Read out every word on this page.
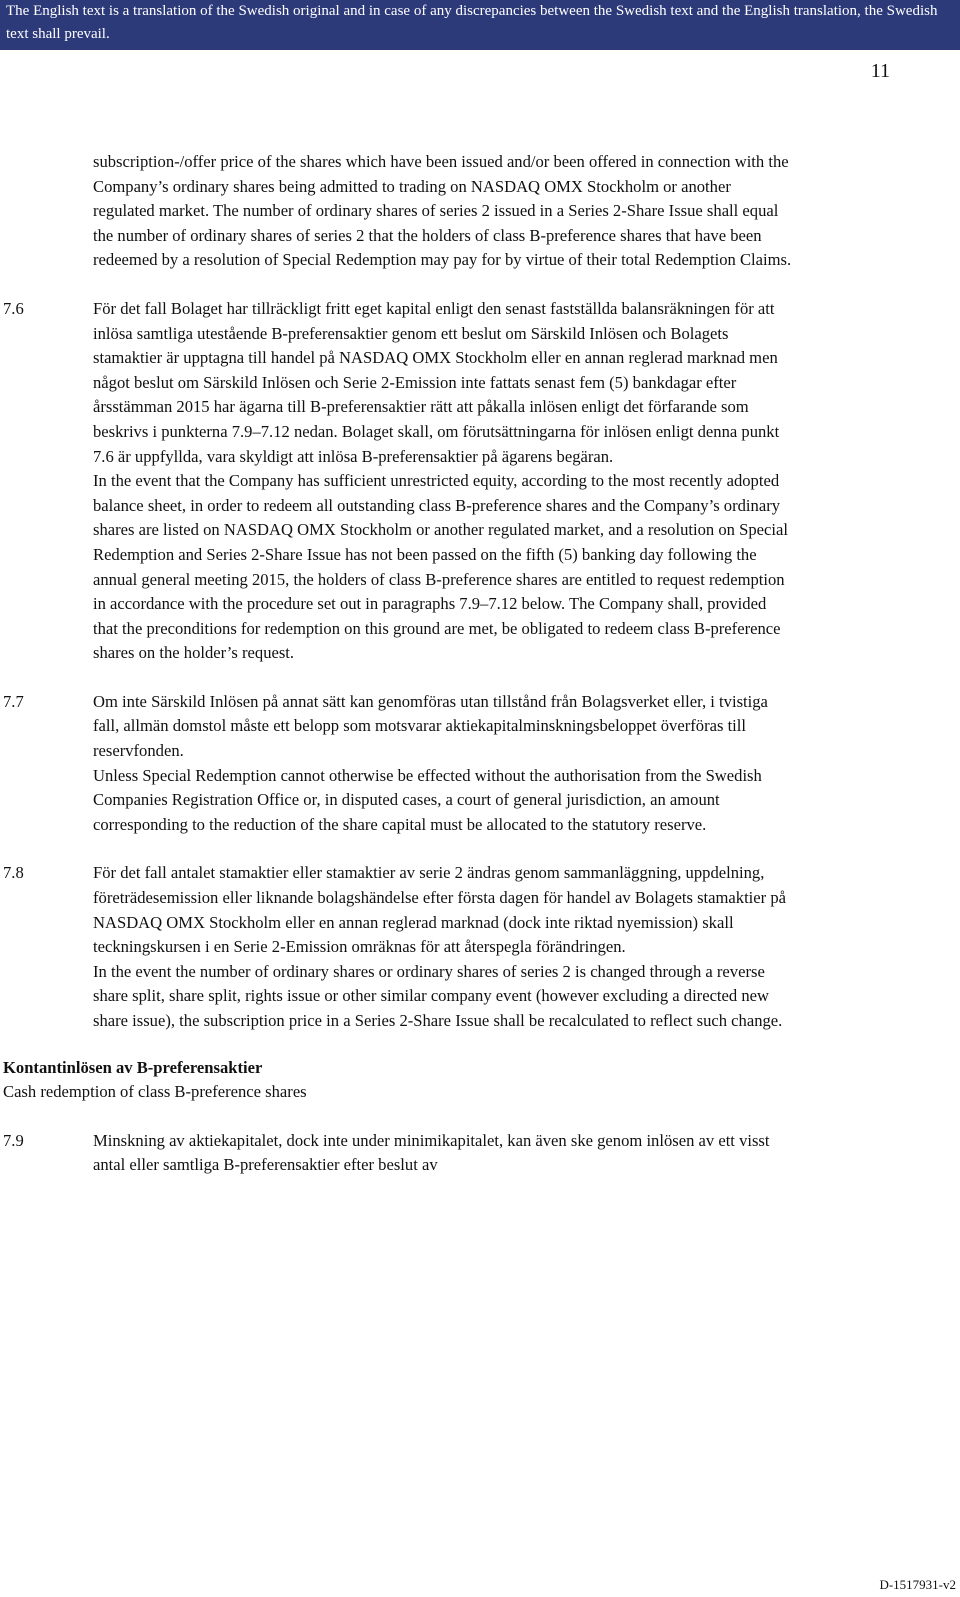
The English text is a translation of the Swedish original and in case of any discrepancies between the Swedish text and the English translation, the Swedish text shall prevail.
11

subscription-/offer price of the shares which have been issued and/or been offered in connection with the Company’s ordinary shares being admitted to trading on NASDAQ OMX Stockholm or another regulated market. The number of ordinary shares of series 2 issued in a Series 2-Share Issue shall equal the number of ordinary shares of series 2 that the holders of class B-preference shares that have been redeemed by a resolution of Special Redemption may pay for by virtue of their total Redemption Claims.

7.6	För det fall Bolaget har tillräckligt fritt eget kapital enligt den senast fastställda balansräkningen för att inlösa samtliga utestående B-preferensaktier genom ett beslut om Särskild Inlösen och Bolagets stamaktier är upptagna till handel på NASDAQ OMX Stockholm eller en annan reglerad marknad men något beslut om Särskild Inlösen och Serie 2-Emission inte fattats senast fem (5) bankdagar efter årsstämman 2015 har ägarna till B-preferensaktier rätt att påkalla inlösen enligt det förfarande som beskrivs i punkterna 7.9–7.12 nedan. Bolaget skall, om förutsättningarna för inlösen enligt denna punkt 7.6 är uppfyllda, vara skyldigt att inlösa B-preferensaktier på ägarens begäran.

In the event that the Company has sufficient unrestricted equity, according to the most recently adopted balance sheet, in order to redeem all outstanding class B-preference shares and the Company’s ordinary shares are listed on NASDAQ OMX Stockholm or another regulated market, and a resolution on Special Redemption and Series 2-Share Issue has not been passed on the fifth (5) banking day following the annual general meeting 2015, the holders of class B-preference shares are entitled to request redemption in accordance with the procedure set out in paragraphs 7.9–7.12 below. The Company shall, provided that the preconditions for redemption on this ground are met, be obligated to redeem class B-preference shares on the holder’s request.

7.7	Om inte Särskild Inlösen på annat sätt kan genomföras utan tillstånd från Bolagsverket eller, i tvistiga fall, allmän domstol måste ett belopp som motsvarar aktiekapitalminskningsbeloppet överföras till reservfonden.

Unless Special Redemption cannot otherwise be effected without the authorisation from the Swedish Companies Registration Office or, in disputed cases, a court of general jurisdiction, an amount corresponding to the reduction of the share capital must be allocated to the statutory reserve.

7.8	För det fall antalet stamaktier eller stamaktier av serie 2 ändras genom sammanläggning, uppdelning, företrädesemission eller liknande bolagshändelse efter första dagen för handel av Bolagets stamaktier på NASDAQ OMX Stockholm eller en annan reglerad marknad (dock inte riktad nyemission) skall teckningskursen i en Serie 2-Emission omräknas för att återspegla förändringen.

In the event the number of ordinary shares or ordinary shares of series 2 is changed through a reverse share split, share split, rights issue or other similar company event (however excluding a directed new share issue), the subscription price in a Series 2-Share Issue shall be recalculated to reflect such change.

Kontantinlösen av B-preferensaktier

Cash redemption of class B-preference shares

7.9	Minskning av aktiekapitalet, dock inte under minimikapitalet, kan även ske genom inlösen av ett visst antal eller samtliga B-preferensaktier efter beslut av

D-1517931-v2
